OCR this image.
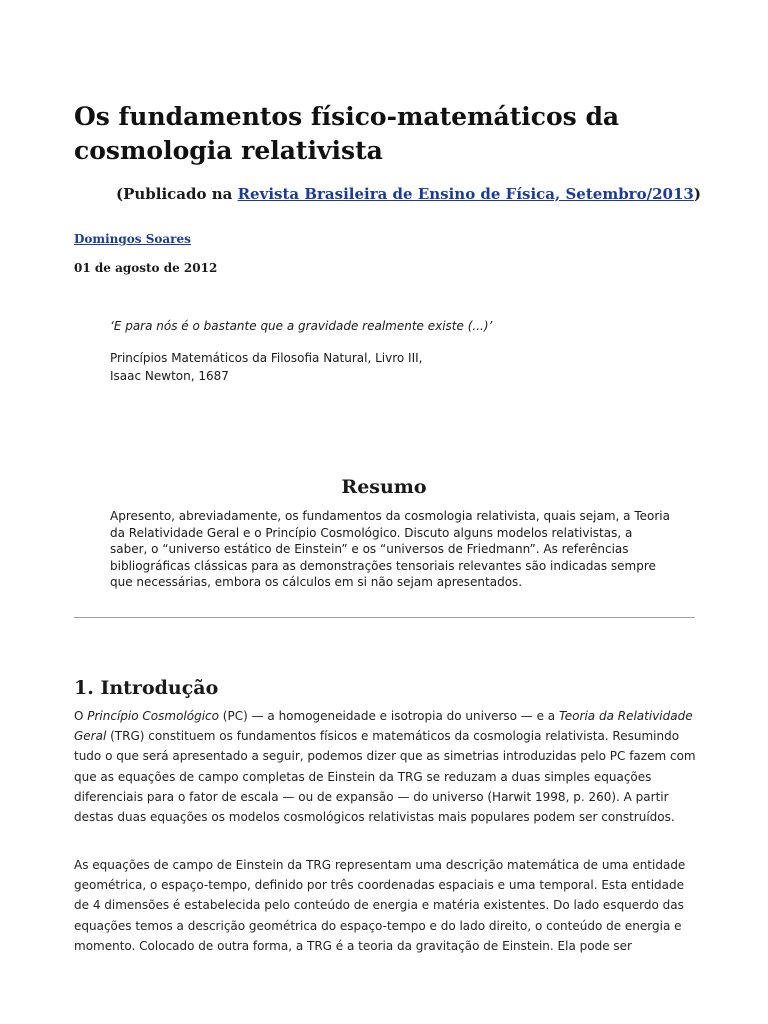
Os fundamentos físico-matemáticos da cosmologia relativista

(Publicado na Revista Brasileira de Ensino de Física, Setembro/2013)

Domingos Soares

01 de agosto de 2012

‘E para nós é o bastante que a gravidade realmente existe (...)’

Princípios Matemáticos da Filosofia Natural, Livro III,
Isaac Newton, 1687

Resumo

Apresento, abreviadamente, os fundamentos da cosmologia relativista, quais sejam, a Teoria da Relatividade Geral e o Princípio Cosmológico. Discuto alguns modelos relativistas, a saber, o “universo estático de Einstein” e os “universos de Friedmann”. As referências bibliográficas clássicas para as demonstrações tensoriais relevantes são indicadas sempre que necessárias, embora os cálculos em si não sejam apresentados.

1. Introdução

O Princípio Cosmológico (PC) — a homogeneidade e isotropia do universo — e a Teoria da Relatividade Geral (TRG) constituem os fundamentos físicos e matemáticos da cosmologia relativista. Resumindo tudo o que será apresentado a seguir, podemos dizer que as simetrias introduzidas pelo PC fazem com que as equações de campo completas de Einstein da TRG se reduzam a duas simples equações diferenciais para o fator de escala — ou de expansão — do universo (Harwit 1998, p. 260). A partir destas duas equações os modelos cosmológicos relativistas mais populares podem ser construídos.

As equações de campo de Einstein da TRG representam uma descrição matemática de uma entidade geométrica, o espaço-tempo, definido por três coordenadas espaciais e uma temporal. Esta entidade de 4 dimensões é estabelecida pelo conteúdo de energia e matéria existentes. Do lado esquerdo das equações temos a descrição geométrica do espaço-tempo e do lado direito, o conteúdo de energia e momento. Colocado de outra forma, a TRG é a teoria da gravitação de Einstein. Ela pode ser
